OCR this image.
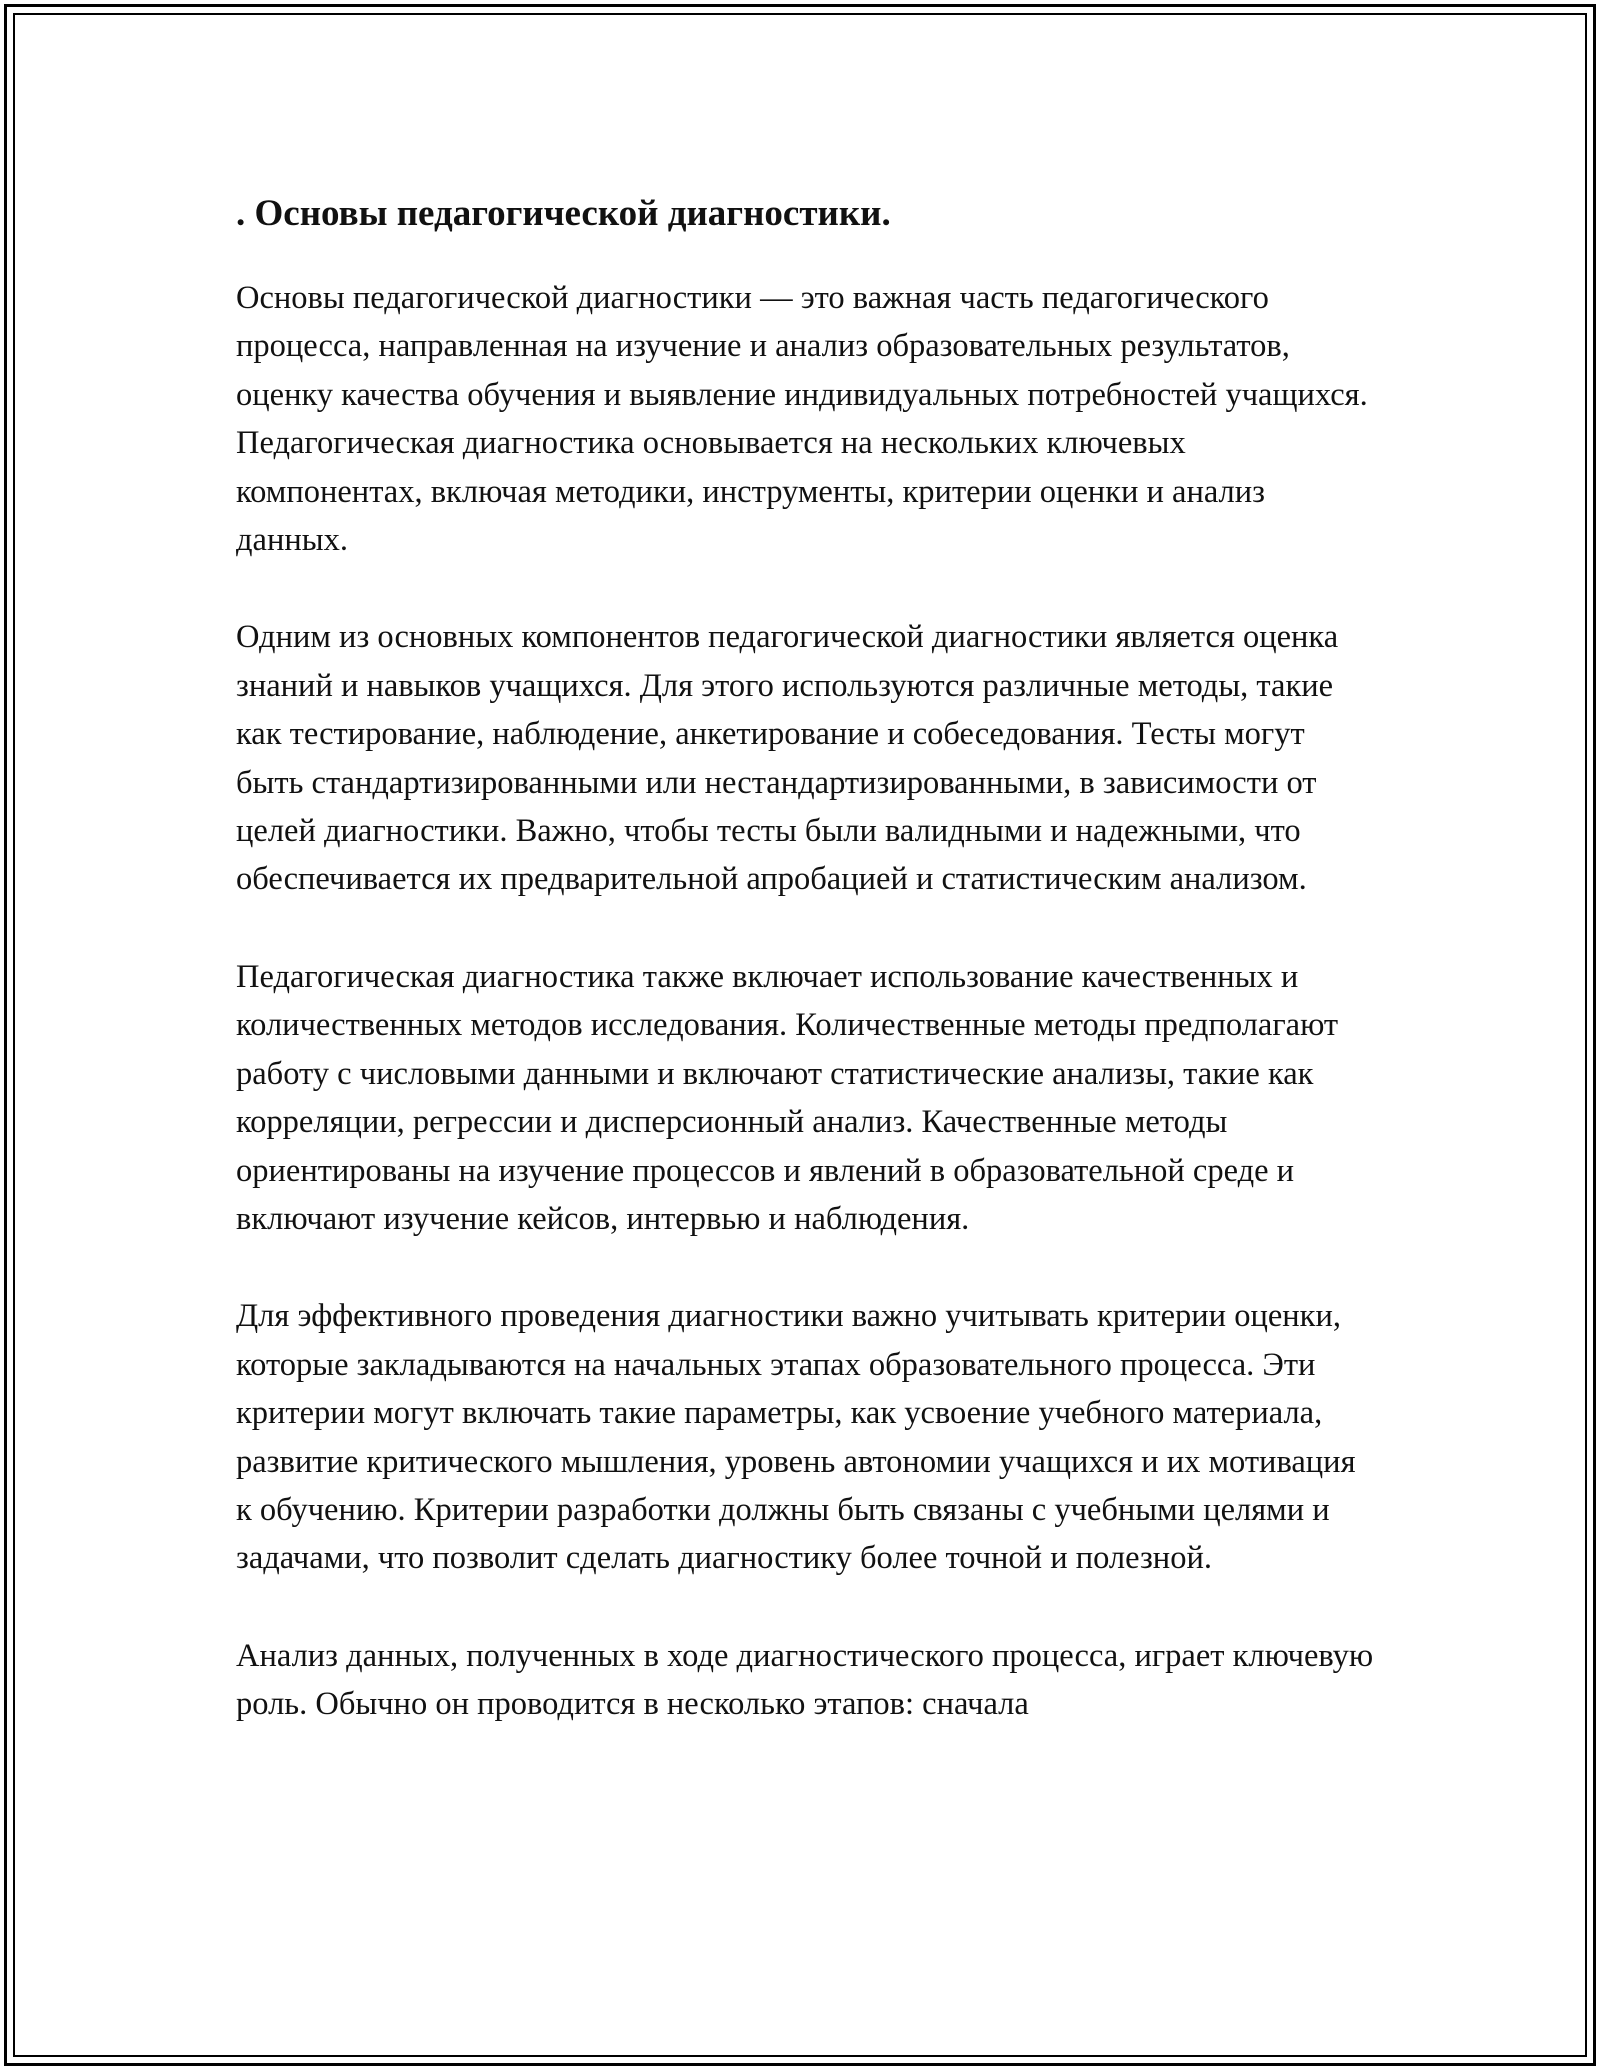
. Основы педагогической диагностики.

Основы педагогической диагностики — это важная часть педагогического процесса, направленная на изучение и анализ образовательных результатов, оценку качества обучения и выявление индивидуальных потребностей учащихся. Педагогическая диагностика основывается на нескольких ключевых компонентах, включая методики, инструменты, критерии оценки и анализ данных.

Одним из основных компонентов педагогической диагностики является оценка знаний и навыков учащихся. Для этого используются различные методы, такие как тестирование, наблюдение, анкетирование и собеседования. Тесты могут быть стандартизированными или нестандартизированными, в зависимости от целей диагностики. Важно, чтобы тесты были валидными и надежными, что обеспечивается их предварительной апробацией и статистическим анализом.

Педагогическая диагностика также включает использование качественных и количественных методов исследования. Количественные методы предполагают работу с числовыми данными и включают статистические анализы, такие как корреляции, регрессии и дисперсионный анализ. Качественные методы ориентированы на изучение процессов и явлений в образовательной среде и включают изучение кейсов, интервью и наблюдения.

Для эффективного проведения диагностики важно учитывать критерии оценки, которые закладываются на начальных этапах образовательного процесса. Эти критерии могут включать такие параметры, как усвоение учебного материала, развитие критического мышления, уровень автономии учащихся и их мотивация к обучению. Критерии разработки должны быть связаны с учебными целями и задачами, что позволит сделать диагностику более точной и полезной.

Анализ данных, полученных в ходе диагностического процесса, играет ключевую роль. Обычно он проводится в несколько этапов: сначала
